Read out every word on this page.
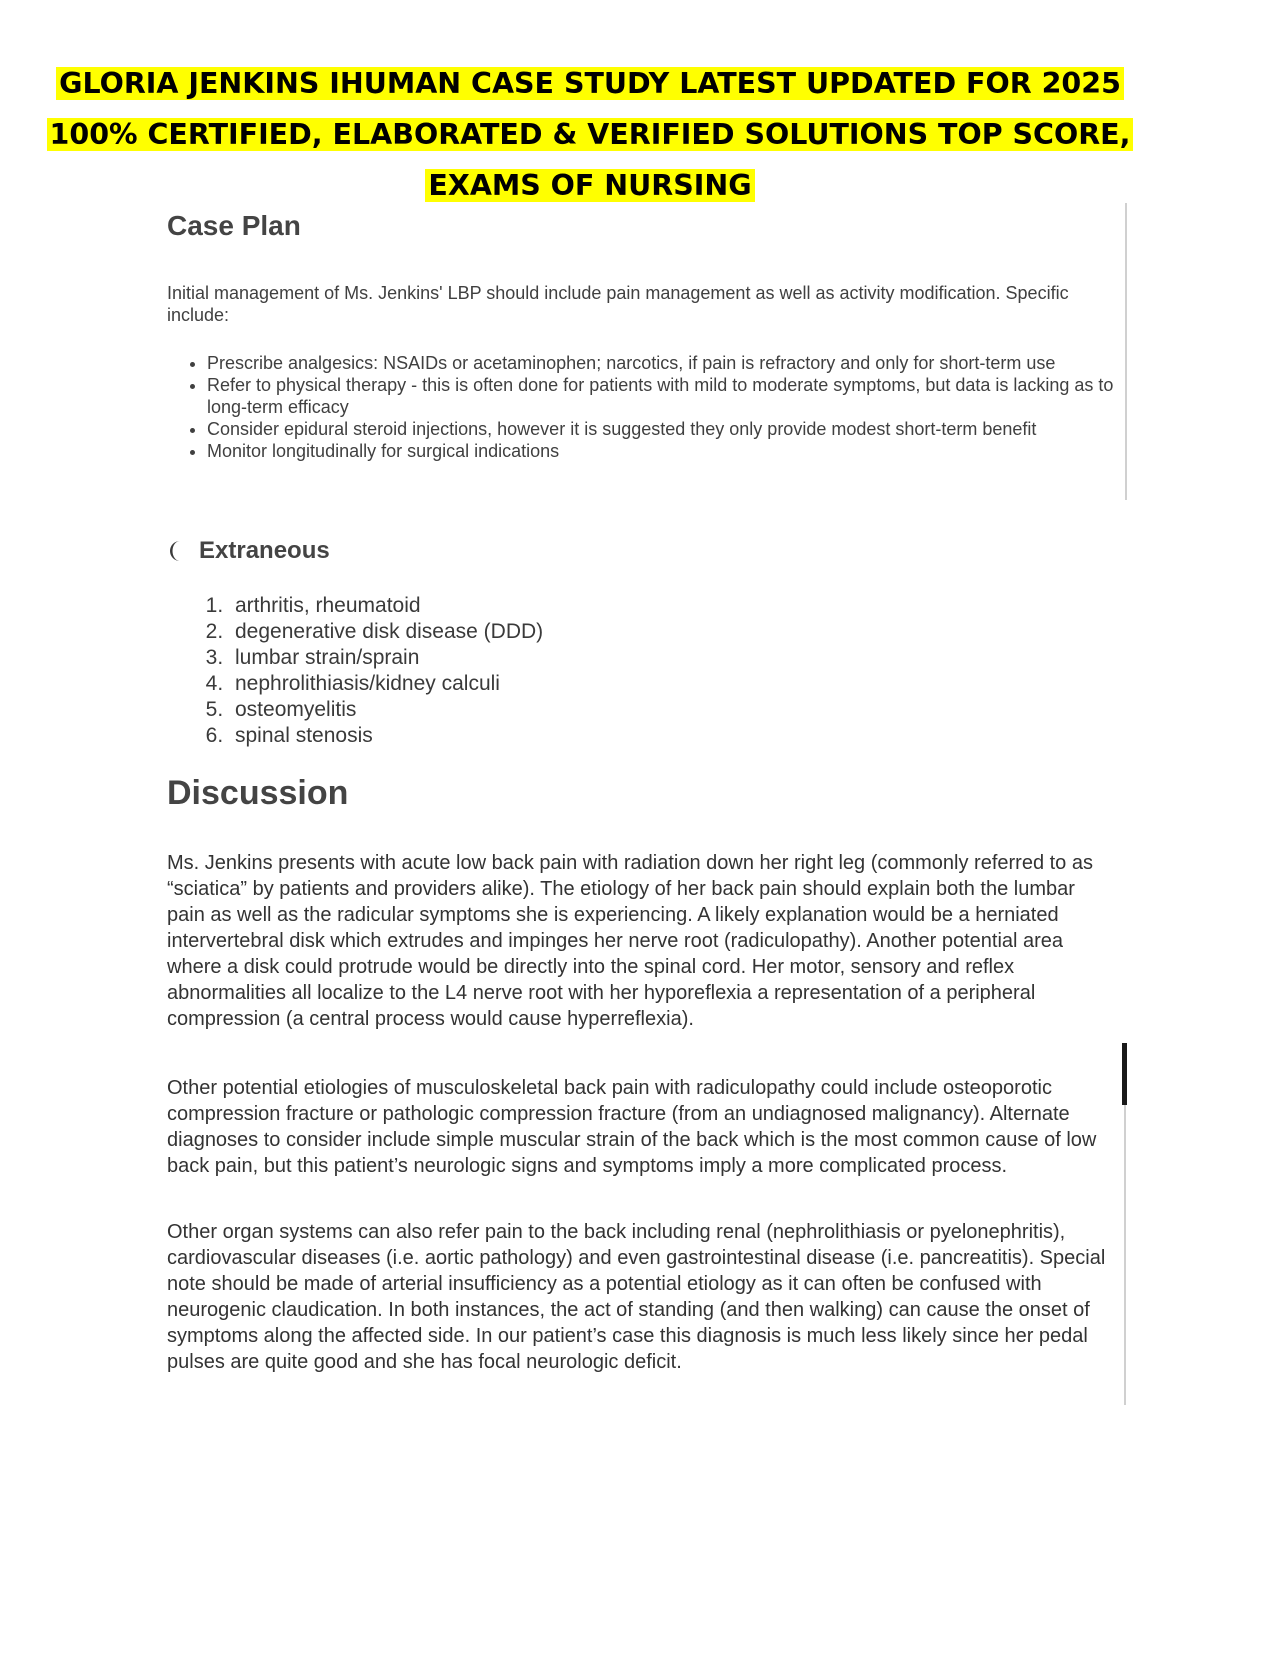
GLORIA JENKINS IHUMAN CASE STUDY LATEST UPDATED FOR 2025
100% CERTIFIED, ELABORATED & VERIFIED SOLUTIONS TOP SCORE,
EXAMS OF NURSING
Case Plan

Initial management of Ms. Jenkins' LBP should include pain management as well as activity modification. Specific include:

• Prescribe analgesics: NSAIDs or acetaminophen; narcotics, if pain is refractory and only for short-term use
• Refer to physical therapy - this is often done for patients with mild to moderate symptoms, but data is lacking as to long-term efficacy
• Consider epidural steroid injections, however it is suggested they only provide modest short-term benefit
• Monitor longitudinally for surgical indications
Extraneous
1. arthritis, rheumatoid
2. degenerative disk disease (DDD)
3. lumbar strain/sprain
4. nephrolithiasis/kidney calculi
5. osteomyelitis
6. spinal stenosis
Discussion

Ms. Jenkins presents with acute low back pain with radiation down her right leg (commonly referred to as “sciatica” by patients and providers alike). The etiology of her back pain should explain both the lumbar pain as well as the radicular symptoms she is experiencing. A likely explanation would be a herniated intervertebral disk which extrudes and impinges her nerve root (radiculopathy). Another potential area where a disk could protrude would be directly into the spinal cord. Her motor, sensory and reflex abnormalities all localize to the L4 nerve root with her hyporeflexia a representation of a peripheral compression (a central process would cause hyperreflexia).

Other potential etiologies of musculoskeletal back pain with radiculopathy could include osteoporotic compression fracture or pathologic compression fracture (from an undiagnosed malignancy). Alternate diagnoses to consider include simple muscular strain of the back which is the most common cause of low back pain, but this patient’s neurologic signs and symptoms imply a more complicated process.

Other organ systems can also refer pain to the back including renal (nephrolithiasis or pyelonephritis), cardiovascular diseases (i.e. aortic pathology) and even gastrointestinal disease (i.e. pancreatitis). Special note should be made of arterial insufficiency as a potential etiology as it can often be confused with neurogenic claudication. In both instances, the act of standing (and then walking) can cause the onset of symptoms along the affected side. In our patient’s case this diagnosis is much less likely since her pedal pulses are quite good and she has focal neurologic deficit.
